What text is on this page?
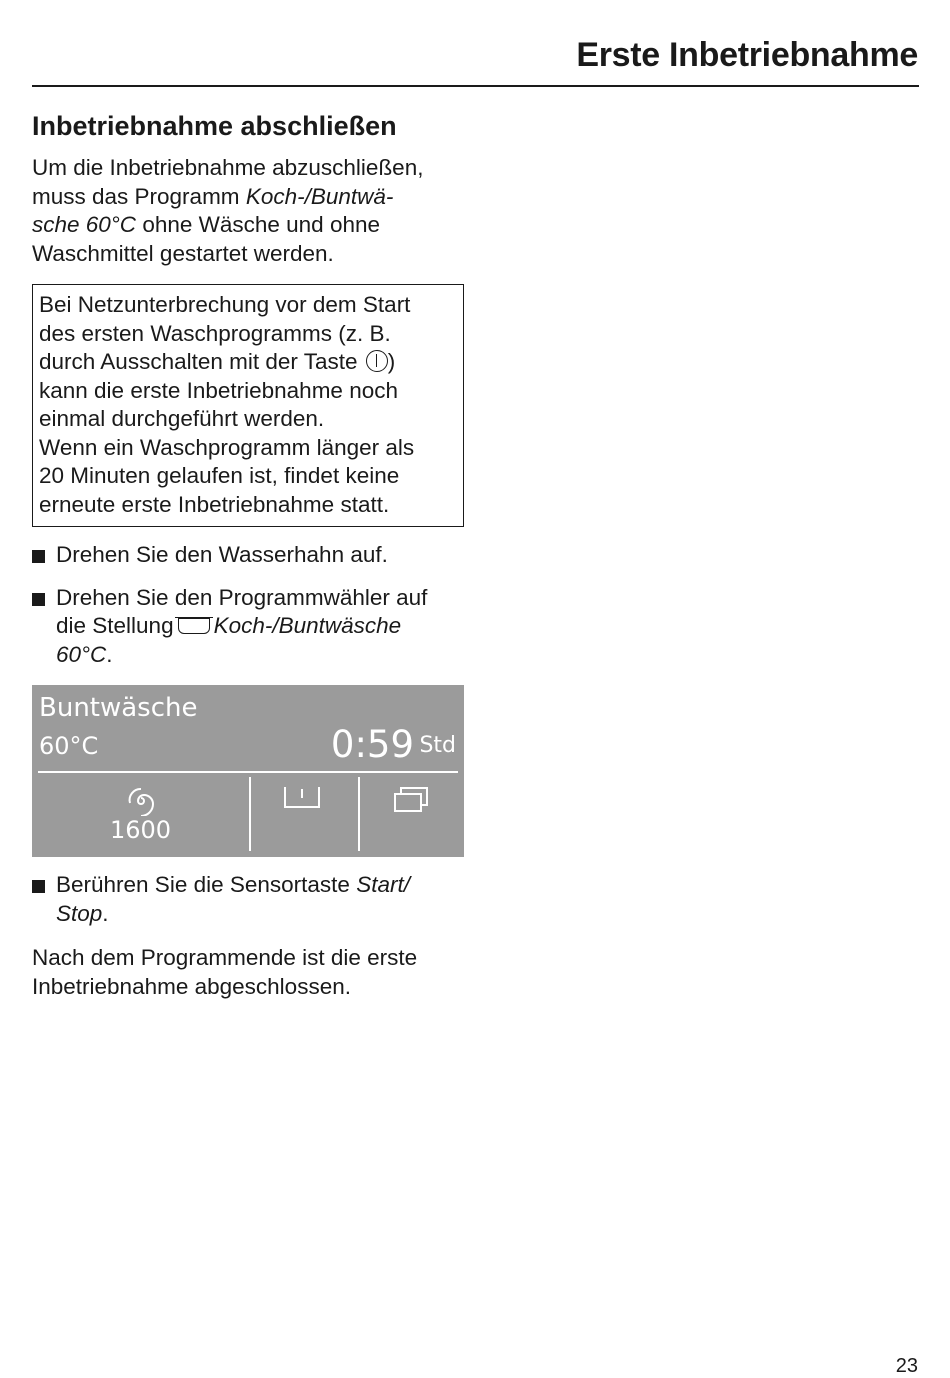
Erste Inbetriebnahme
Inbetriebnahme abschließen

Um die Inbetriebnahme abzuschließen,
muss das Programm Koch-/Buntwä-
sche 60°C ohne Wäsche und ohne
Waschmittel gestartet werden.

Bei Netzunterbrechung vor dem Start
des ersten Waschprogramms (z. B.
durch Ausschalten mit der Taste )
kann die erste Inbetriebnahme noch
einmal durchgeführt werden.
Wenn ein Waschprogramm länger als
20 Minuten gelaufen ist, findet keine
erneute erste Inbetriebnahme statt.

Drehen Sie den Wasserhahn auf.
Drehen Sie den Programmwähler auf
die Stellung Koch-/Buntwäsche
60°C.
Buntwäsche
60°C	0:59 Std
1600
Berühren Sie die Sensortaste Start/
Stop.

Nach dem Programmende ist die erste
Inbetriebnahme abgeschlossen.

23
